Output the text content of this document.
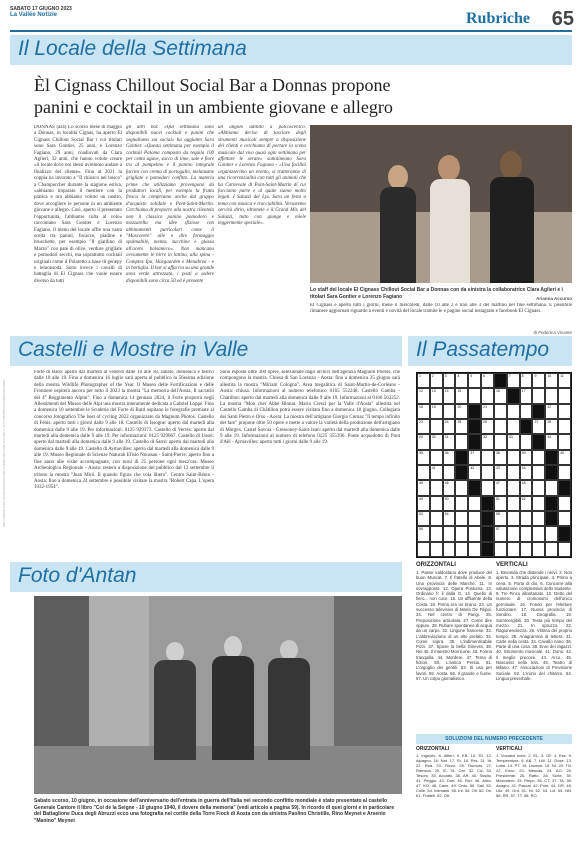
SABATO 17 GIUGNO 2023
La Vallée Notizie	Rubriche	65
Il Locale della Settimana
Èl Cignass Chillout Social Bar a Donnas propone panini e cocktail in un ambiente giovane e allegro
DONNAS (as4) Lo scorso mese di maggio a Donnas, in località Cignas, ha aperto El Cignass Chillout Social Bar i cui titolari sono Sara Gontier, 25 anni, e Lorenzo Fagiano, 29 anni, coadiuvati da Clara Aglieri, 32 anni, che hanno voluto creare «il locale dove noi stessi avremmo andare a finalizzo del cliente». Fino al 2021 la coppia ha lavorato a "Il chiosco nel bosco" a Champorcher durante la stagione estiva, «abbiamo imparato il mestiere con la pratica e ora abbiamo voluto un nostro, dove accogliere le persone in un ambiente giovane e allegro. Così, aperto il presentato l'opportunità, l'abbiamo colta al volo» raccontano Sara Gontier e Lorenzo Fagiano. Il menu del locale offre una vasta scelta tra panini, focacce, piadine e bruschette, per esempio "Il giardino di Marzo" con patè di olive, verdure grigliate e pomodori secchi, ma soprattutto cocktail originali come il Polaretto a base di genepy e lemonsoda. Sono invece i cavalli di battaglia di El Cignass che vuole essere diverso da tutti
gli altri bar. «Qui settimana sono disponibili nuovi cocktail e panini che segnaliamo sui social» ha aggiunto Sara Gontier. «Questa settimana per esempio il cocktail Paloma composto da tequila 100 per cento agave, succo di lime, sale e fiore tra al pompelmo e il panino integrale farcito con crema di portogallo, melanzane grigliate e pomodori confitto. La materia prime che utilizziamo provengono da produttori locali, per esempio la frutta fresca la compriamo anche dal gruppo d'acquisto solidale e Pont-Saint-Martin. Cerchiamo di proporre alla nostra clientela non il classico panino pomodoro e mozzarella ma idee sfiziose con abbinamenti particolari come il "Mascoreto" alle e dire formaggio spalmabile, menta, zucchine e glassa all'aceto balsamico». Non mancano ovviamente le birre in lattina, alla spina - Complex Ipa, Hoegaarden e Menabrea - e in bottiglia. Il bar si affaccia su una grande area verde attrezzata, i posti a sedere disponibili sono circa 50 ed è presente
un angolo adibito a palcoscenico. «Abbiamo deciso di lasciare degli strumenti musicali sempre a disposizione dei clienti e cerchiamo di portare la scena musicale dal vivo quasi ogni settimana per affettare le serate» sottolineano Sara Gontier e Lorenzo Fagiano - «Una facilità organizzerimo un evento, si tratteranno di una ricorrenzialità con tutti gli animali che ha Carnevale di Pont-Saint-Martin di cui facciamo parte e al quale siamo molto legati. I Saluzzi del Lys. Sara un festa a tema con musica e tracciabilità. Versaremo servirà dirin, idromele e il Grand Mix del Saluzzi, tutto con giunge e miele leggermente speziale».
Lo staff del locale El Cignass Chillout Social Bar a Donnas con da sinistra la collaboratrice Clara Aglieri e i titolari Sara Gontier e Lorenzo Fagiano
El Cignass è aperto tutti i giorni, mene il mercoledì, dalle 10 alle 2 e lino alle 3 del mattino nel fine settimana. È possibile rimanere aggiornati riguardo a eventi e novità del locale tramite le e pagine social instagram e facebook El Cignass.
Arianna Accurso
Castelli e Mostre in Valle
Forte di Bard: aperto dal martedì al venerdì dalle 10 alle 18, sabato, domenica e festivi dalle 10 alle 19. Fino a domenica 16 luglio sarà aperta al pubblico la 56esima edizione della mostra Wildlife Photographer of the Year. Il Museo delle Fortificazioni e delle Frontiere ospiterà ancora per tutto il 2023 la mostra "La memoria dell'Aosta, Il sacrario del 4° Reggimento Alpini". Fino a domenica 14 gennaio 2024, il Forte proporrà negli Allestimenti del Museo delle Alpi una mostra interamente dedicata a Gabriel Loppé. Fino a domenica 10 settembre le Scuderie del Forte di Bard ospitano le fotografie premiate al concorso fotografico The best of cycling 2022 organizzato da Magnum Photos. Castello di Fénis: aperto tutti i giorni dalle 9 alle 18. Castello di Issogne: aperto dal martedì alla domenica dalle 9 alle 19. Per informazioni: 0125 929373. Castello di Verrès: aperto dal martedì alla domenica dalle 9 alle 19. Per informazioni: 0125 929067. Castello di Ussel: aperto dal martedì alla domenica dalle 9 alle 19. Castello di Sarre: aperto dal martedì alla domenica dalle 9 alle 19. Castello di Aymavilles: aperto dal martedì alla domenica dalle 9 alle 19. Museo Regionale di Scienze Naturali Efisio Noussan - Saint-Pierre: aperto fino a fine anno alle visite accompagnate, con turni di 25 persone ogni mezz'ora. Museo Archeologico Regionale - Aosta: resterà a disposizione del pubblico dal 12 settembre il tributo la mostra "Juan Miró. Il quando figura che vola libero". Centro Saint-Bénin - Aosta: fino a domenica 24 settembre è possibile visitare la mostra "Robert Capa. L'opera 1932-1954".
Sono esposte oltre 300 opere, selezionate dagli archivi dell'agenzia Magnum Photos, che compongono la mostra. Chiesa di San Lorenzo - Aosta: fino a domenica 25 giugno sarà allestita la mostra "Miriam Cologna". Area megalitica di Saint-Martin-de-Corléans - Aosta: chiusa. Informazioni al numero telefonico 0165 552248. Castello Gamba - Châtillon: aperto dal martedì alla domenica dalle 9 alle 19. Informazioni al 0166 563252. La mostra "Mon cher Abbé Blonat. Mario Cresci per la Valle d'Aosta" allestita nel Castello Gamba di Châtillon potrà essere visitata fino a domenica 18 giugno. Collegiata dei Santi Pietro e Orso - Aosta: La mostra dell'artigiano Giorgio Cornaz "Il tempo infinito del fare" propone oltre 50 opere e mette a valore la varietà della produzione dell'artigiano di Morgex. Castel Savoia - Gressoney-Saint-Jean: aperto dal martedì alla domenica dalle 9 alle 19. Informazioni al numero di telefono 0125 355396. Ponte acquedotto di Pont d'Aël - Aymavilles: aperto tutti i giorni dalle 9 alle 19.
Il Passatempo
di Federica Visante
1	2	3	4	5	6	7	8	9	10	11
12	13	14	15	16	17
18	19	20	21	22
23	24	25	26	27	28
29	30	31	32	33	34
35	36	37	38	39	40
41	42	43	44
45	46	47	48
49	50	51	52
53	54	55
56	57
ORIZZONTALI
1. Paese valdostano dove produce del buon Muscat. 7. Il fratello di Abele. 8. Una provincia delle Marche. 11. In sovrapposto. 12. Opera Postuma. 13. Ordinario fr il dalla G. 14. Quello di fiero... non cuce. 15. Un affluente della Costa. 18. Prima era un brano. 23. Un successo televisivo di Maria De Filippi. 24. Nel centro di Parigi. 25. Preposizione articolata. 27. Come dire oppure. 28. Rubare spontaneo di acqua da un carpo. 32. Lingone francese. 33. L'abbreviazione di un alto prelato. 34. Come sopra. 35. L'indimenticabile Pizzi. 37. Spose la bella Ginevra. 38. Nei 45. Il maestro Morricone. 43. Forma tranquilla. 44. Mordere. 47. Tema di fiction. 50. L'antica Persia. 51. L'orgoglio dei gentili. 53. Si usa per lavori. 55. Aosta. 56. Il grande e fiume. 57. Un colpo giornalistico.
VERTICALI
1. Bevanda che distende i nervi. 2. Non aperto. 3. Strada principale. 4. Primo a cena. 5. Porta di dio. 6. Concorre alla valutazione complessiva dello studente. 9. Tre Pinco allontanato. 10. Detto del numero di cromosomi dell'unico germinale. 16. Fondo per l'elettore funzionare. 17. Nuova provincia di Sondrio. 18. Geografia. 19. Sommergibili. 20. Testa più tempo del mezzo. 21. In spruzzo. 22. Ragionevolezza. 26. Vittima del proprio tempo. 28. Anagramma di lettera. 31. Carte nella cesta. 34. Cavallo nano. 36. Parte di una cosa. 38. Eroe dei ragazzi. 40. Strumento musicale. 41. Dono. 42. Il meglio precoce. 44. Arco. 45. Nascosto nella tela. 46. Teatro di Milano. 47. Associazioni di Previsione Sociale. 52. L'inizio del chitarra. 54. Lingua preverbale.
SOLUZIONI DEL NUMERO PRECEDENTE
ORIZZONTALI
1. Ingelolo. 8. Alfieri. 9. KB. 10. TD. 12. Alpagno. 16. Nat. 17. Ri. 18. Pes. 21. Itt. 22. Rea. 23. Ricco. 25. Rumors. 27. Ramson. 29. IC. 31. Ore. 32. Cic. 33. Tesoro. 35. Accatto. 38. AR. 40. Stadio. 41. Peggio. 43. Due. 45. Rivi. 46. Alico. 47. KO. 48. Cane. 49. Onto. 50. Sall. 52. Colle. 54. Intimanti. 55. Inf. 56. Ofi. 60. Os. 61. Fratteli. 62. Ott.
VERTICALI
1. Vocabol riche. 2. EL. 3. GF. 4. Ese. 5. Temperatura. 6. AB. 7. Lilli. 11. Dose. 13. Lotta. 14. PT. 15. Lisciosi. 19. NI. 20. TN. 22. Enno. 23. Mescas. 24. AO. 25. Presidente. 26. Ratto. 28. Sorte. 30. Mescalero. 34. Riepo. 36. CT. 37. TA. 38. Anagro. 41. Pascal. 42. Pole. 44. GR. 48. Uto. 49. Ord. 51. NI. 52. 53. Lol. 55. NN. 56. RR. 57. TT. 58. RO.
Foto d'Antan
Sabato scorso, 10 giugno, in occasione dell'anniversario dell'entrata in guerra dell'Italia nel secondo conflitto mondiale è stato presentato al castello Generale Cantore il libro "Col de la Seigne - 10 giugno 1940, il dovere della memoria" (vedi articolo a pagina 59). In ricordo di quei giorni e in particolare del Battaglione Duca degli Abruzzi ecco una fotografia nel cortile della Torre Fiock di Aosta con da sinistra Paolino Christille, Rino Meynet e Arsenio "Manino" Meynet
PRESSREADER PressReader.com +1 604 278 4604 COPYRIGHT AND PROTECTED BY APPLICABLE LAW
